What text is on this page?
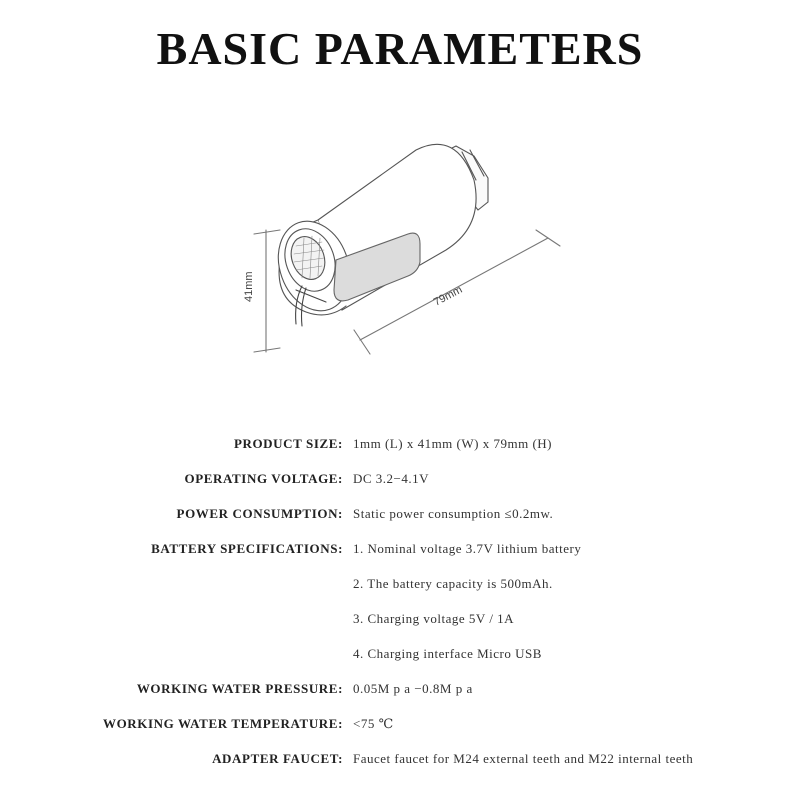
BASIC PARAMETERS
41mm	79mm
PRODUCT SIZE: 1mm (L) x 41mm (W) x 79mm (H)
OPERATING VOLTAGE: DC 3.2−4.1V
POWER CONSUMPTION: Static power consumption ≤0.2mw.
BATTERY SPECIFICATIONS: 1. Nominal voltage 3.7V lithium battery
2. The battery capacity is 500mAh.
3. Charging voltage 5V / 1A
4. Charging interface Micro USB
WORKING WATER PRESSURE: 0.05M p a −0.8M p a
WORKING WATER TEMPERATURE: <75 ℃
ADAPTER FAUCET: Faucet faucet for M24 external teeth and M22 internal teeth
